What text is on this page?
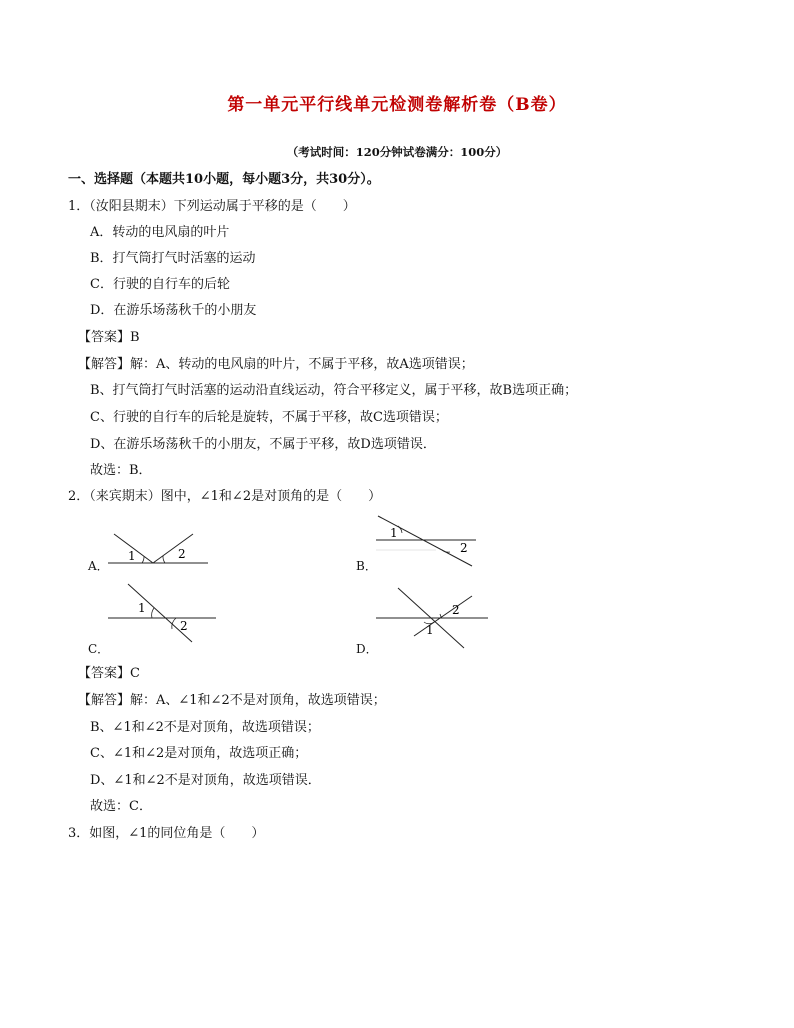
第一单元平行线单元检测卷解析卷（B卷）
（考试时间：120分钟试卷满分：100分）
一、选择题（本题共10小题，每小题3分，共30分）。
1．（汝阳县期末）下列运动属于平移的是（　　）
A．转动的电风扇的叶片
B．打气筒打气时活塞的运动
C．行驶的自行车的后轮
D．在游乐场荡秋千的小朋友
【答案】B
【解答】解：A、转动的电风扇的叶片，不属于平移，故A选项错误；
B、打气筒打气时活塞的运动沿直线运动，符合平移定义，属于平移，故B选项正确；
C、行驶的自行车的后轮是旋转，不属于平移，故C选项错误；
D、在游乐场荡秋千的小朋友，不属于平移，故D选项错误．
故选：B．
2．（来宾期末）图中，∠1和∠2是对顶角的是（　　）
A．
1	2
B．
1
2
C．
1
2
D．
1
2
【答案】C
【解答】解：A、∠1和∠2不是对顶角，故选项错误；
B、∠1和∠2不是对顶角，故选项错误；
C、∠1和∠2是对顶角，故选项正确；
D、∠1和∠2不是对顶角，故选项错误．
故选：C．
3．如图，∠1的同位角是（　　）
